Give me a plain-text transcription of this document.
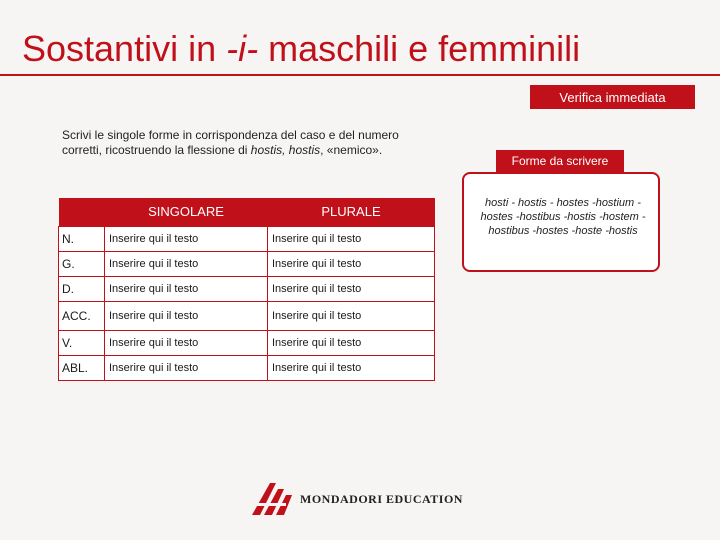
Sostantivi in -i- maschili e femminili
Verifica immediata

Scrivi le singole forme in corrispondenza del caso e del numero corretti, ricostruendo la flessione di hostis, hostis, «nemico».

Forme da scrivere
hosti - hostis - hostes -hostium -hostes -hostibus -hostis -hostem -hostibus -hostes -hoste -hostis
	SINGOLARE	PLURALE
N.	Inserire qui il testo	Inserire qui il testo
G.	Inserire qui il testo	Inserire qui il testo
D.	Inserire qui il testo	Inserire qui il testo
ACC.	Inserire qui il testo	Inserire qui il testo
V.	Inserire qui il testo	Inserire qui il testo
ABL.	Inserire qui il testo	Inserire qui il testo
MONDADORI EDUCATION
